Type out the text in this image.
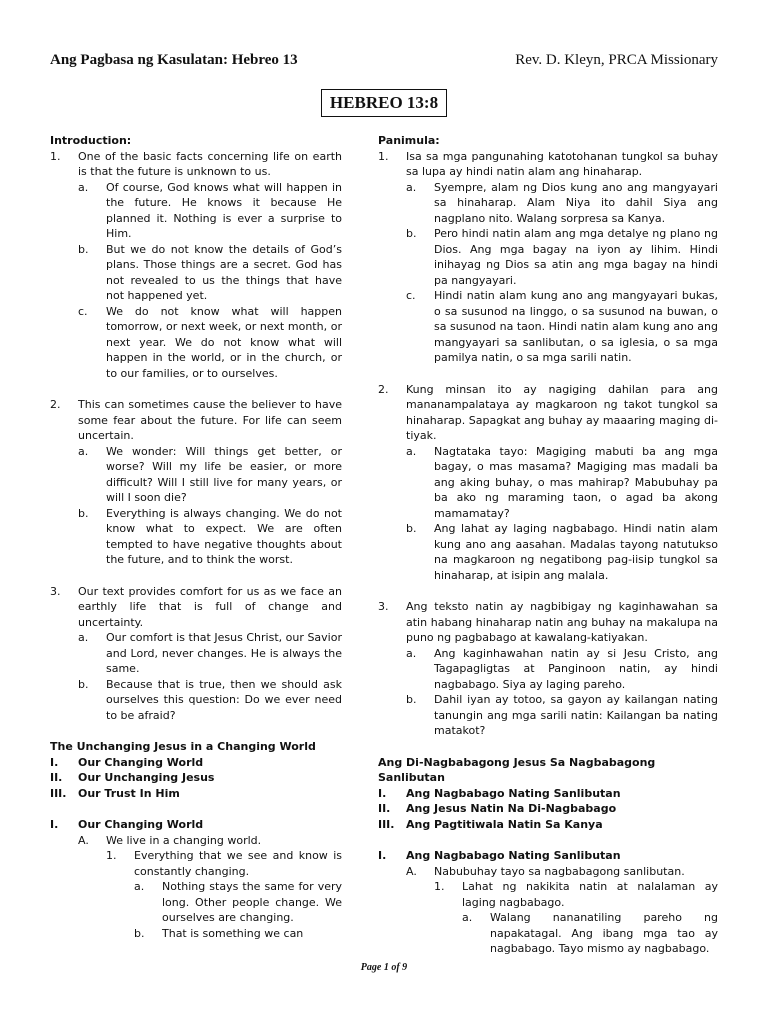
Ang Pagbasa ng Kasulatan: Hebreo 13	Rev. D. Kleyn, PRCA Missionary
HEBREO 13:8
Introduction:
1.	One of the basic facts concerning life on earth is that the future is unknown to us.
a.	Of course, God knows what will happen in the future. He knows it because He planned it. Nothing is ever a surprise to Him.
b.	But we do not know the details of God’s plans. Those things are a secret. God has not revealed to us the things that have not happened yet.
c.	We do not know what will happen tomorrow, or next week, or next month, or next year. We do not know what will happen in the world, or in the church, or to our families, or to ourselves.
2.	This can sometimes cause the believer to have some fear about the future. For life can seem uncertain.
a.	We wonder: Will things get better, or worse? Will my life be easier, or more difficult? Will I still live for many years, or will I soon die?
b.	Everything is always changing. We do not know what to expect. We are often tempted to have negative thoughts about the future, and to think the worst.
3.	Our text provides comfort for us as we face an earthly life that is full of change and uncertainty.
a.	Our comfort is that Jesus Christ, our Savior and Lord, never changes. He is always the same.
b.	Because that is true, then we should ask ourselves this question: Do we ever need to be afraid?
The Unchanging Jesus in a Changing World
I.	Our Changing World
II.	Our Unchanging Jesus
III.	Our Trust In Him
I.	Our Changing World
A.	We live in a changing world.
1.	Everything that we see and know is constantly changing.
a.	Nothing stays the same for very long. Other people change. We ourselves are changing.
b.	That is something we can
Panimula:
1.	Isa sa mga pangunahing katotohanan tungkol sa buhay sa lupa ay hindi natin alam ang hinaharap.
a.	Syempre, alam ng Dios kung ano ang mangyayari sa hinaharap. Alam Niya ito dahil Siya ang nagplano nito. Walang sorpresa sa Kanya.
b.	Pero hindi natin alam ang mga detalye ng plano ng Dios. Ang mga bagay na iyon ay lihim. Hindi inihayag ng Dios sa atin ang mga bagay na hindi pa nangyayari.
c.	Hindi natin alam kung ano ang mangyayari bukas, o sa susunod na linggo, o sa susunod na buwan, o sa susunod na taon. Hindi natin alam kung ano ang mangyayari sa sanlibutan, o sa iglesia, o sa mga pamilya natin, o sa mga sarili natin.
2.	Kung minsan ito ay nagiging dahilan para ang mananampalataya ay magkaroon ng takot tungkol sa hinaharap. Sapagkat ang buhay ay maaaring maging di-tiyak.
a.	Nagtataka tayo: Magiging mabuti ba ang mga bagay, o mas masama? Magiging mas madali ba ang aking buhay, o mas mahirap? Mabubuhay pa ba ako ng maraming taon, o agad ba akong mamamatay?
b.	Ang lahat ay laging nagbabago. Hindi natin alam kung ano ang aasahan. Madalas tayong natutukso na magkaroon ng negatibong pag-iisip tungkol sa hinaharap, at isipin ang malala.
3.	Ang teksto natin ay nagbibigay ng kaginhawahan sa atin habang hinaharap natin ang buhay na makalupa na puno ng pagbabago at kawalang-katiyakan.
a.	Ang kaginhawahan natin ay si Jesu Cristo, ang Tagapagligtas at Panginoon natin, ay hindi nagbabago. Siya ay laging pareho.
b.	Dahil iyan ay totoo, sa gayon ay kailangan nating tanungin ang mga sarili natin: Kailangan ba nating matakot?
Ang Di-Nagbabagong Jesus Sa Nagbabagong Sanlibutan
I.	Ang Nagbabago Nating Sanlibutan
II.	Ang Jesus Natin Na Di-Nagbabago
III.	Ang Pagtitiwala Natin Sa Kanya
I.	Ang Nagbabago Nating Sanlibutan
A.	Nabubuhay tayo sa nagbabagong sanlibutan.
1.	Lahat ng nakikita natin at nalalaman ay laging nagbabago.
a.	Walang nananatiling pareho ng napakatagal. Ang ibang mga tao ay nagbabago. Tayo mismo ay nagbabago.
Page 1 of 9
